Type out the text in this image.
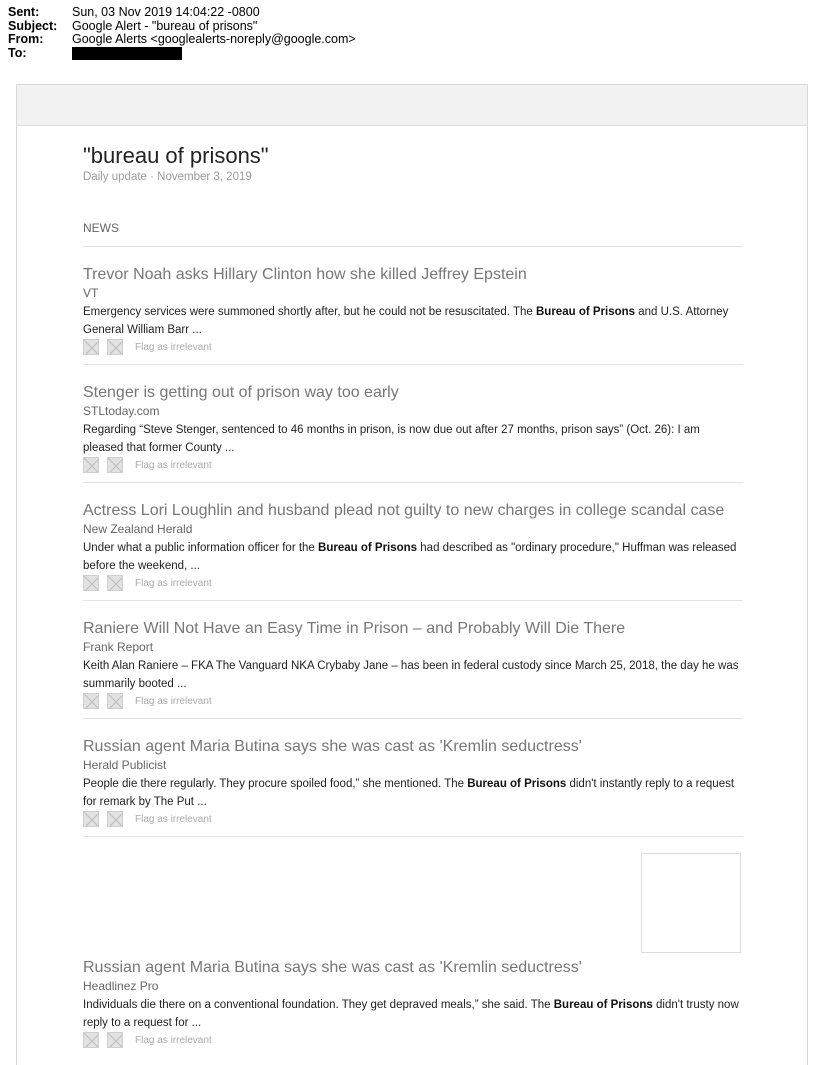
Sent:	Sun, 03 Nov 2019 14:04:22 -0800
Subject:	Google Alert - "bureau of prisons"
From:	Google Alerts <googlealerts-noreply@google.com>
To:
"bureau of prisons"
Daily update · November 3, 2019
NEWS
Trevor Noah asks Hillary Clinton how she killed Jeffrey Epstein
VT
Emergency services were summoned shortly after, but he could not be resuscitated. The Bureau of Prisons and U.S. Attorney General William Barr ...
Flag as irrelevant
Stenger is getting out of prison way too early
STLtoday.com
Regarding “Steve Stenger, sentenced to 46 months in prison, is now due out after 27 months, prison says” (Oct. 26): I am pleased that former County ...
Flag as irrelevant
Actress Lori Loughlin and husband plead not guilty to new charges in college scandal case
New Zealand Herald
Under what a public information officer for the Bureau of Prisons had described as "ordinary procedure," Huffman was released before the weekend, ...
Flag as irrelevant
Raniere Will Not Have an Easy Time in Prison – and Probably Will Die There
Frank Report
Keith Alan Raniere – FKA The Vanguard NKA Crybaby Jane – has been in federal custody since March 25, 2018, the day he was summarily booted ...
Flag as irrelevant
Russian agent Maria Butina says she was cast as 'Kremlin seductress'
Herald Publicist
People die there regularly. They procure spoiled food,” she mentioned. The Bureau of Prisons didn't instantly reply to a request for remark by The Put ...
Flag as irrelevant
Russian agent Maria Butina says she was cast as 'Kremlin seductress'
Headlinez Pro
Individuals die there on a conventional foundation. They get depraved meals,” she said. The Bureau of Prisons didn't trusty now reply to a request for ...
Flag as irrelevant
